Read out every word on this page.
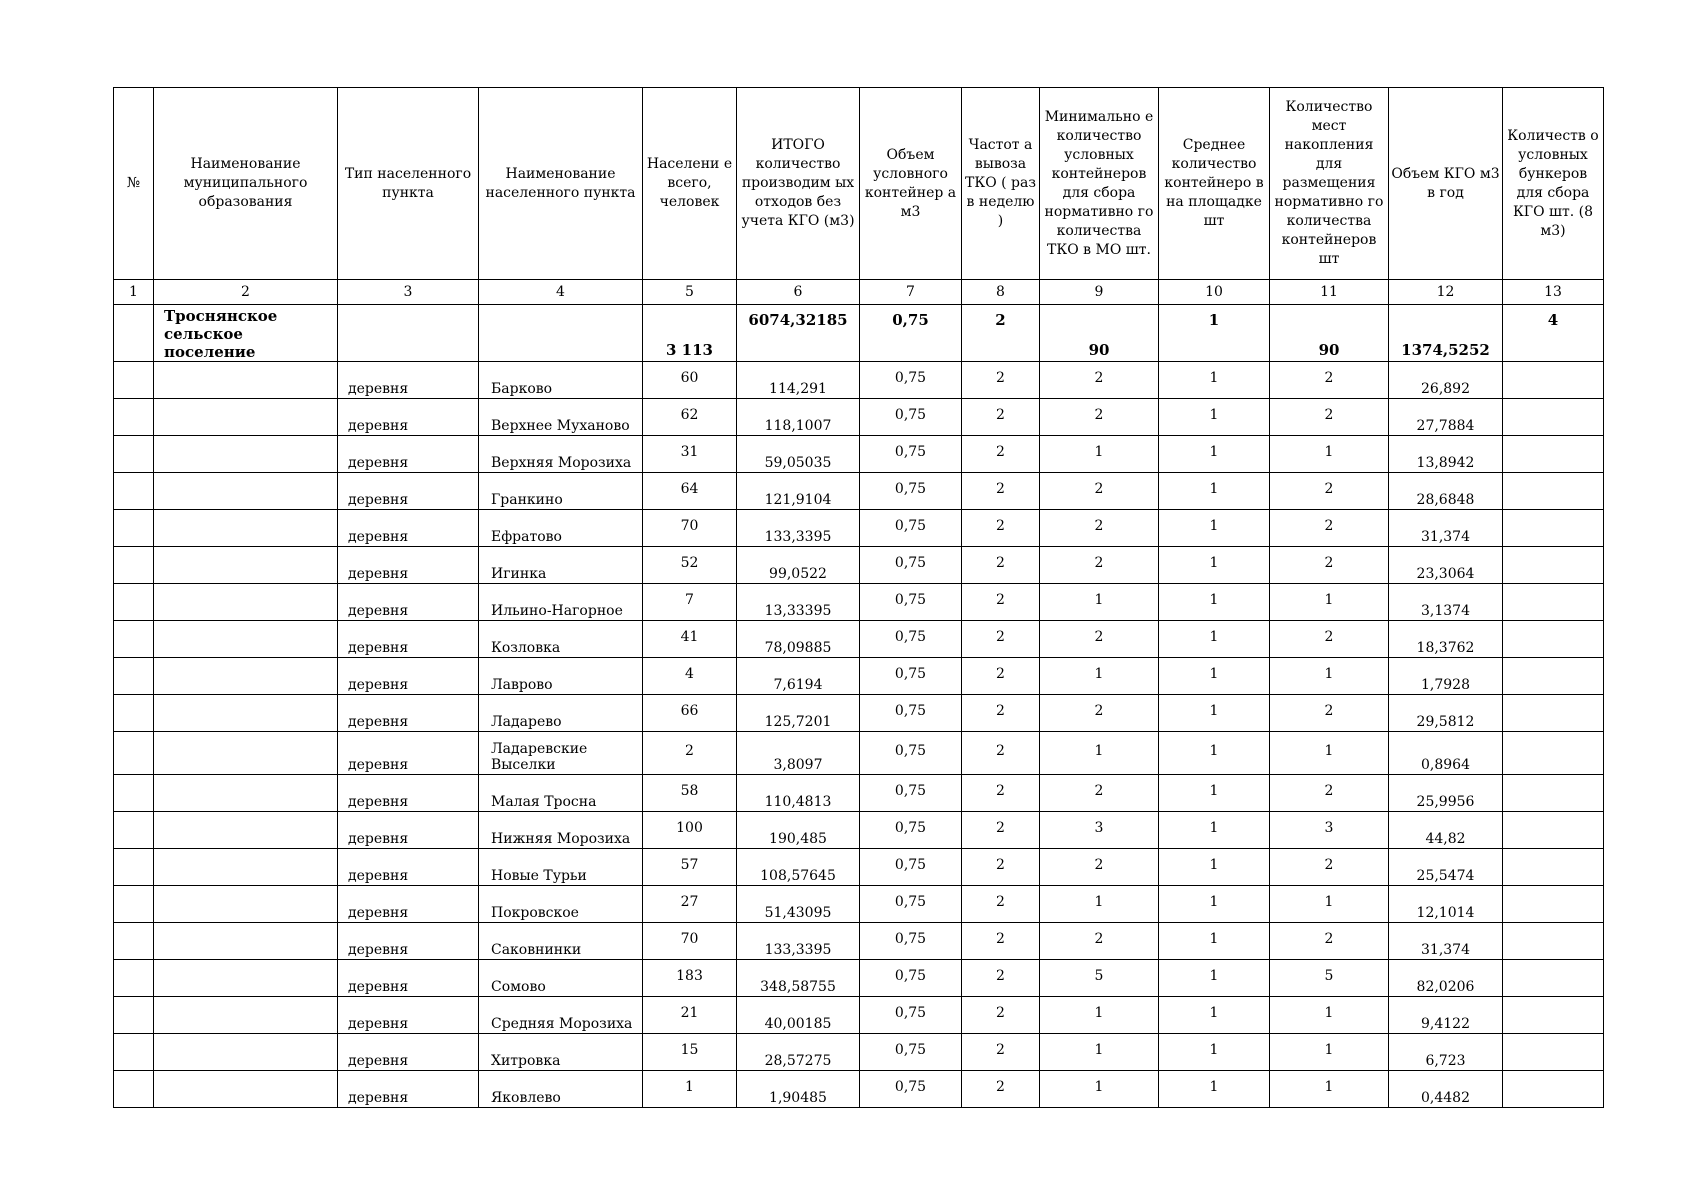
№	Наименование муниципального образования	Тип населенного пункта	Наименование населенного пункта	Населени е всего, человек	ИТОГО количество производим ых отходов без учета КГО (м3)	Объем условного контейнер а м3	Частот а вывоза ТКО ( раз в неделю )	Минимально е количество условных контейнеров для сбора нормативно го количества ТКО в МО шт.	Среднее количество контейнеро в на площадке шт	Количество мест накопления для размещения нормативно го количества контейнеров шт	Объем КГО м3 в год	Количеств о условных бункеров для сбора КГО шт. (8 м3)
1	2	3	4	5	6	7	8	9	10	11	12	13
	Троснянское сельское поселение			3 113	6074,32185	0,75	2	90	1	90	1374,5252	4
		деревня	Барково	60	114,291	0,75	2	2	1	2	26,892	
		деревня	Верхнее Муханово	62	118,1007	0,75	2	2	1	2	27,7884	
		деревня	Верхняя Морозиха	31	59,05035	0,75	2	1	1	1	13,8942	
		деревня	Гранкино	64	121,9104	0,75	2	2	1	2	28,6848	
		деревня	Ефратово	70	133,3395	0,75	2	2	1	2	31,374	
		деревня	Игинка	52	99,0522	0,75	2	2	1	2	23,3064	
		деревня	Ильино-Нагорное	7	13,33395	0,75	2	1	1	1	3,1374	
		деревня	Козловка	41	78,09885	0,75	2	2	1	2	18,3762	
		деревня	Лаврово	4	7,6194	0,75	2	1	1	1	1,7928	
		деревня	Ладарево	66	125,7201	0,75	2	2	1	2	29,5812	
		деревня	Ладаревские Выселки	2	3,8097	0,75	2	1	1	1	0,8964	
		деревня	Малая Тросна	58	110,4813	0,75	2	2	1	2	25,9956	
		деревня	Нижняя Морозиха	100	190,485	0,75	2	3	1	3	44,82	
		деревня	Новые Турьи	57	108,57645	0,75	2	2	1	2	25,5474	
		деревня	Покровское	27	51,43095	0,75	2	1	1	1	12,1014	
		деревня	Саковнинки	70	133,3395	0,75	2	2	1	2	31,374	
		деревня	Сомово	183	348,58755	0,75	2	5	1	5	82,0206	
		деревня	Средняя Морозиха	21	40,00185	0,75	2	1	1	1	9,4122	
		деревня	Хитровка	15	28,57275	0,75	2	1	1	1	6,723	
		деревня	Яковлево	1	1,90485	0,75	2	1	1	1	0,4482	
